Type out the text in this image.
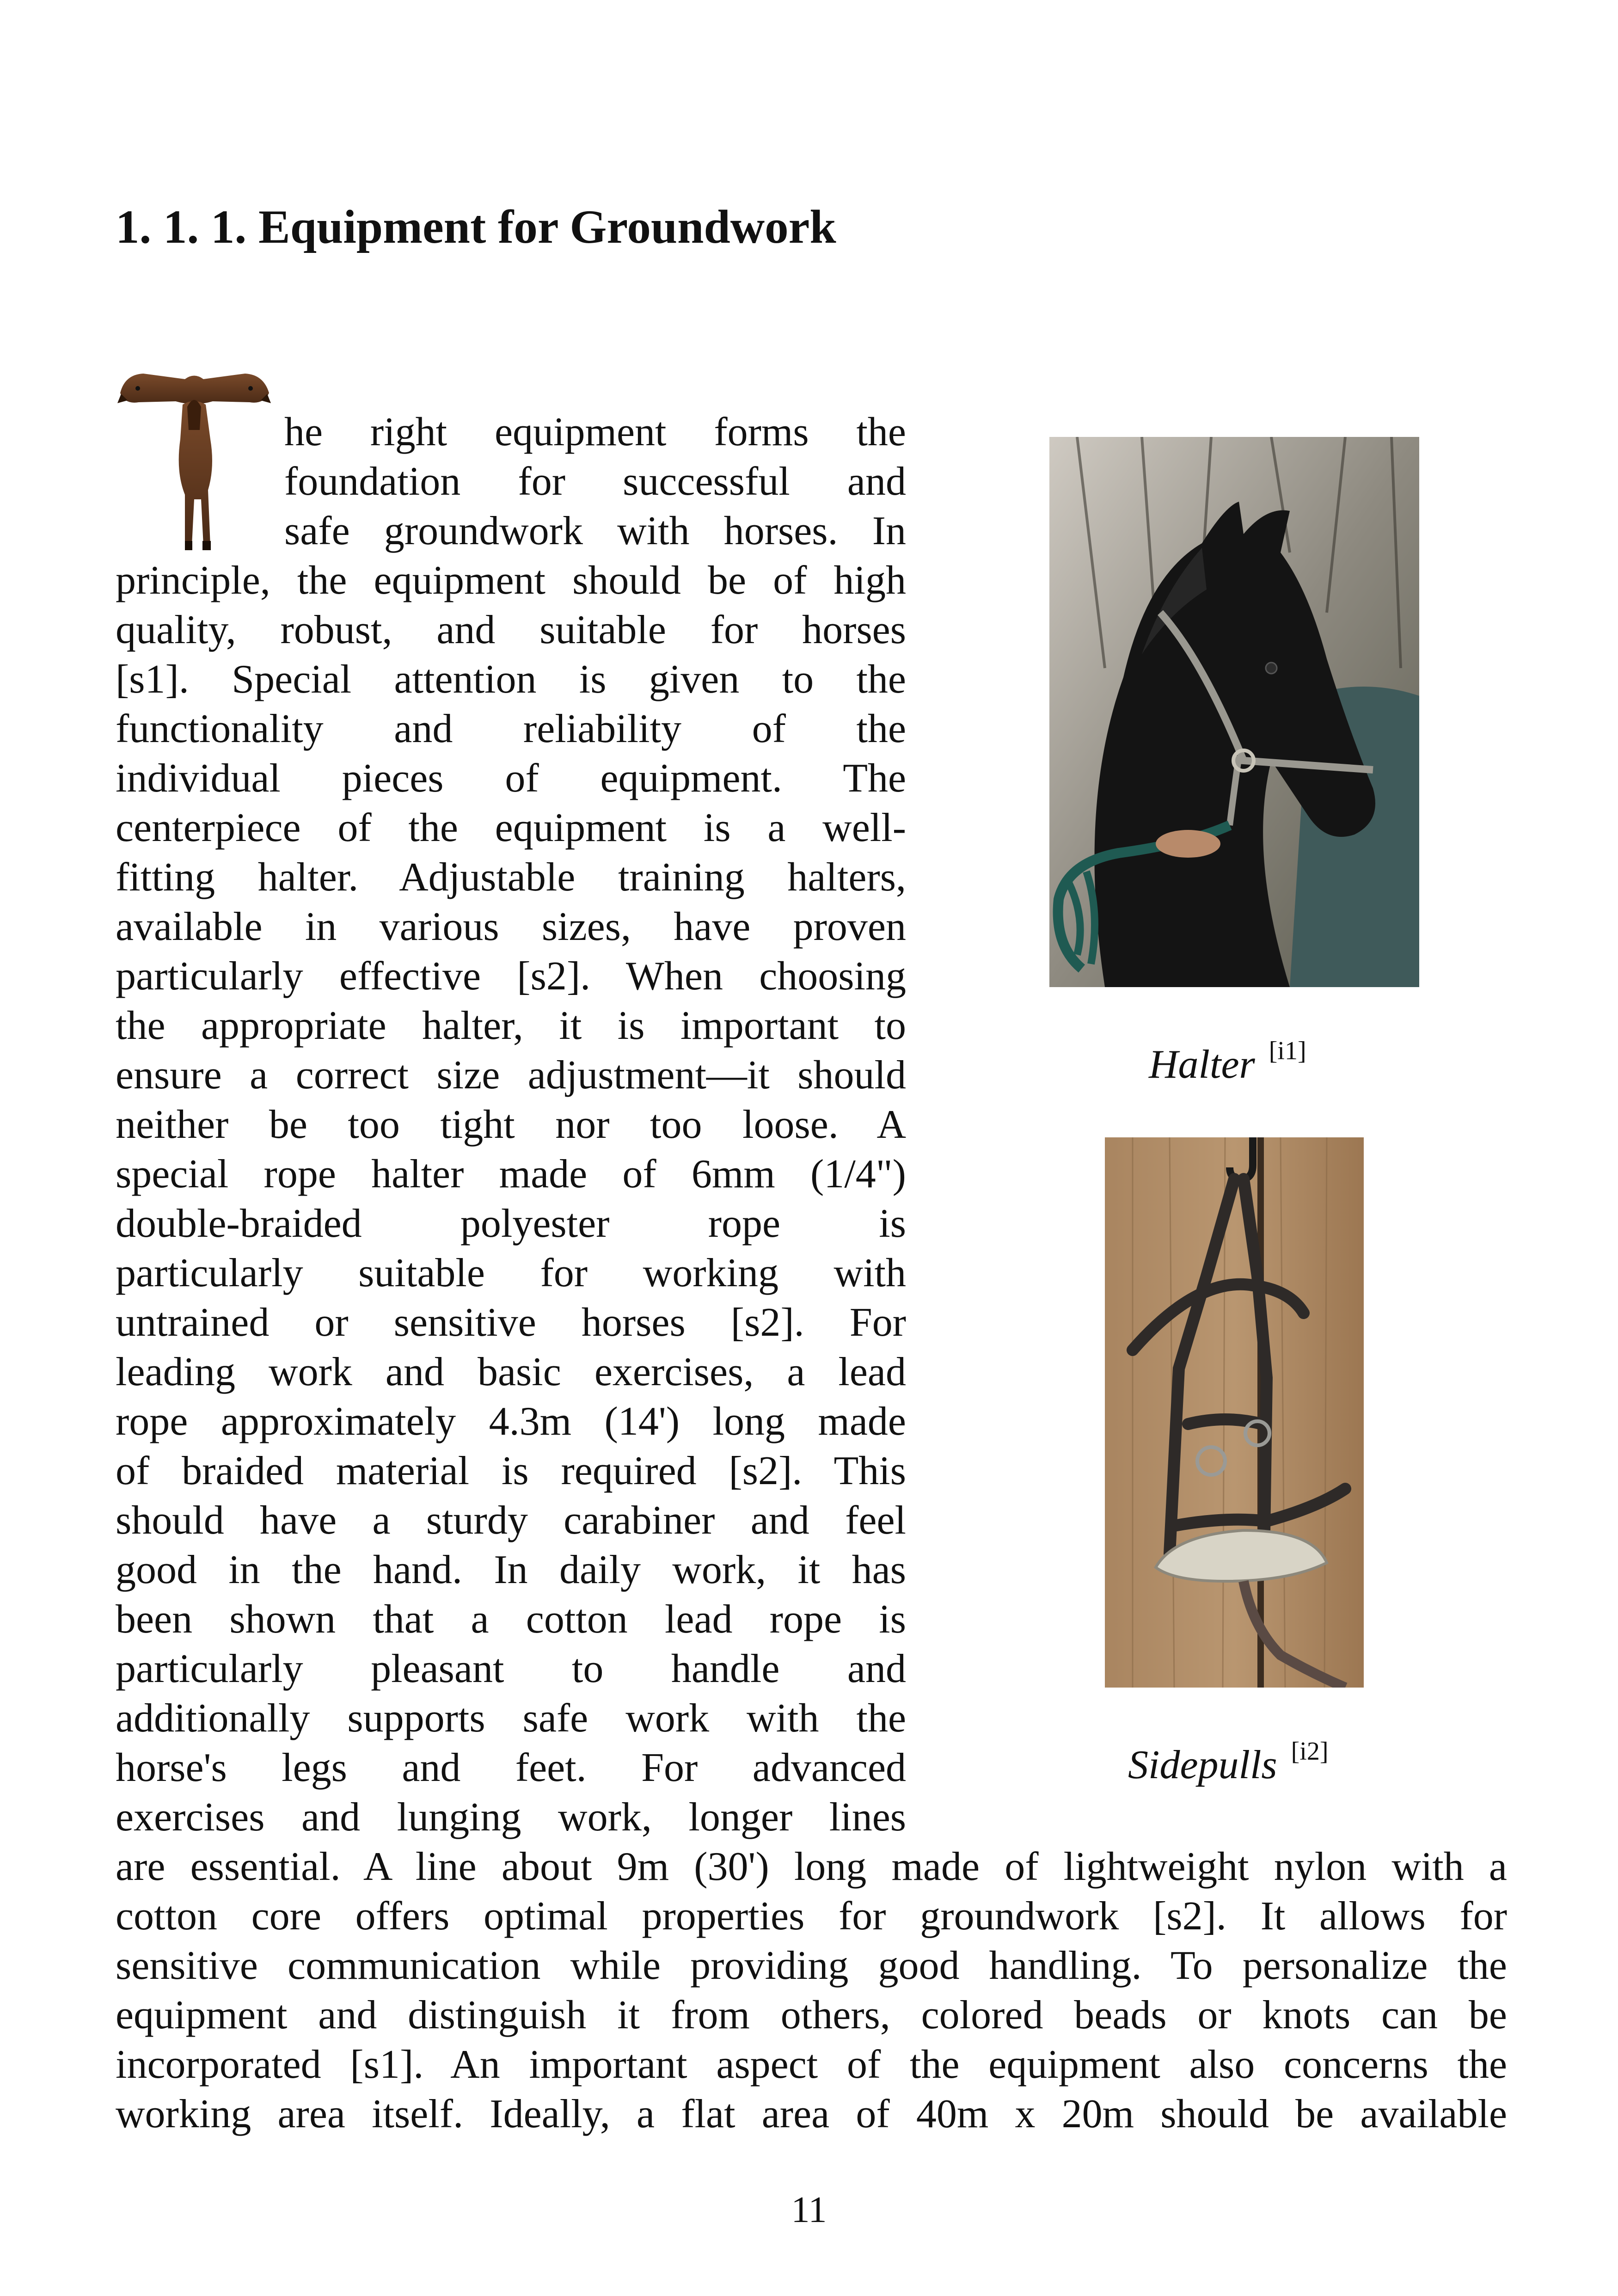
1. 1. 1. Equipment for Groundwork
he right equipment forms the
foundation for successful and
safe groundwork with horses. In
principle, the equipment should be of high
quality, robust, and suitable for horses
[s1]. Special attention is given to the
functionality and reliability of the
individual pieces of equipment. The
centerpiece of the equipment is a well-
fitting halter. Adjustable training halters,
available in various sizes, have proven
particularly effective [s2]. When choosing
the appropriate halter, it is important to
ensure a correct size adjustment—it should
neither be too tight nor too loose. A
special rope halter made of 6mm (1/4")
double-braided polyester rope is
particularly suitable for working with
untrained or sensitive horses [s2]. For
leading work and basic exercises, a lead
rope approximately 4.3m (14') long made
of braided material is required [s2]. This
should have a sturdy carabiner and feel
good in the hand. In daily work, it has
been shown that a cotton lead rope is
particularly pleasant to handle and
additionally supports safe work with the
horse's legs and feet. For advanced
exercises and lunging work, longer lines
are essential. A line about 9m (30') long made of lightweight nylon with a
cotton core offers optimal properties for groundwork [s2]. It allows for
sensitive communication while providing good handling. To personalize the
equipment and distinguish it from others, colored beads or knots can be
incorporated [s1]. An important aspect of the equipment also concerns the
working area itself. Ideally, a flat area of 40m x 20m should be available
Halter [i1]
Sidepulls [i2]
11
